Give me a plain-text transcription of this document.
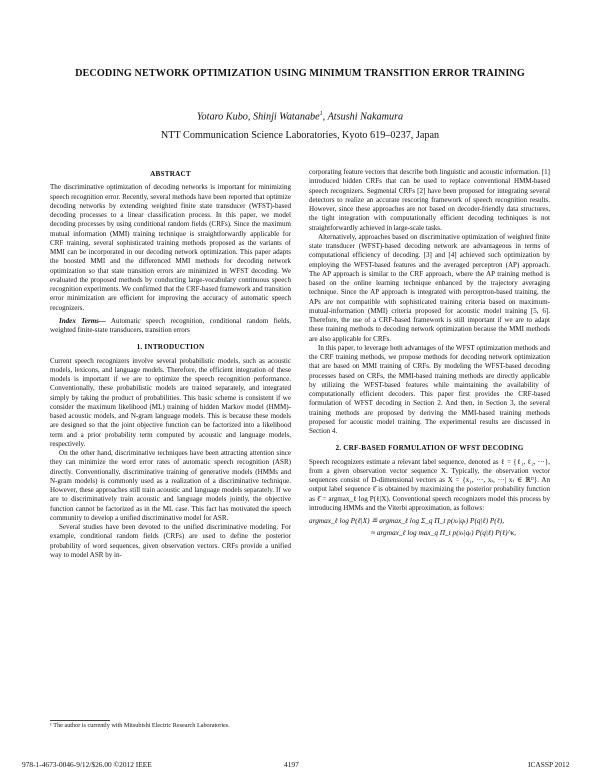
DECODING NETWORK OPTIMIZATION USING MINIMUM TRANSITION ERROR TRAINING
Yotaro Kubo, Shinji Watanabe$^1$, Atsushi Nakamura
NTT Communication Science Laboratories, Kyoto 619–0237, Japan
ABSTRACT

The discriminative optimization of decoding networks is important for minimizing speech recognition error. Recently, several methods have been reported that optimize decoding networks by extending weighted finite state transducer (WFST)-based decoding processes to a linear classification process. In this paper, we model decoding processes by using conditional random fields (CRFs). Since the maximum mutual information (MMI) training technique is straightforwardly applicable for CRF training, several sophisticated training methods proposed as the variants of MMI can be incorporated in our decoding network optimization. This paper adapts the boosted MMI and the differenced MMI methods for decoding network optimization so that state transition errors are minimized in WFST decoding. We evaluated the proposed methods by conducting large-vocabulary continuous speech recognition experiments. We confirmed that the CRF-based framework and transition error minimization are efficient for improving the accuracy of automatic speech recognizers.

Index Terms— Automatic speech recognition, conditional random fields, weighted finite-state transducers, transition errors

1. INTRODUCTION

Current speech recognizers involve several probabilistic models, such as acoustic models, lexicons, and language models. Therefore, the efficient integration of these models is important if we are to optimize the speech recognition performance. Conventionally, these probabilistic models are trained separately, and integrated simply by taking the product of probabilities. This basic scheme is consistent if we consider the maximum likelihood (ML) training of hidden Markov model (HMM)-based acoustic models, and N-gram language models. This is because these models are designed so that the joint objective function can be factorized into a likelihood term and a prior probability term computed by acoustic and language models, respectively.

On the other hand, discriminative techniques have been attracting attention since they can minimize the word error rates of automatic speech recognition (ASR) directly. Conventionally, discriminative training of generative models (HMMs and N-gram models) is commonly used as a realization of a discriminative technique. However, these approaches still train acoustic and language models separately. If we are to discriminatively train acoustic and language models jointly, the objective function cannot be factorized as in the ML case. This fact has motivated the speech community to develop a unified discriminative model for ASR.

Several studies have been devoted to the unified discriminative modeling. For example, conditional random fields (CRFs) are used to define the posterior probability of word sequences, given observation vectors. CRFs provide a unified way to model ASR by in-

corporating feature vectors that describe both linguistic and acoustic information. [1] introduced hidden CRFs that can be used to replace conventional HMM-based speech recognizers. Segmental CRFs [2] have been proposed for integrating several detectors to realize an accurate rescoring framework of speech recognition results. However, since these approaches are not based on decoder-friendly data structures, the tight integration with computationally efficient decoding techniques is not straightforwardly achieved in large-scale tasks.

Alternatively, approaches based on discriminative optimization of weighted finite state transducer (WFST)-based decoding network are advantageous in terms of computational efficiency of decoding. [3] and [4] achieved such optimization by employing the WFST-based features and the averaged perceptron (AP) approach. The AP approach is similar to the CRF approach, where the AP training method is based on the online learning technique enhanced by the trajectory averaging technique. Since the AP approach is integrated with perceptron-based training, the APs are not compatible with sophisticated training criteria based on maximum-mutual-information (MMI) criteria proposed for acoustic model training [5, 6]. Therefore, the use of a CRF-based framework is still important if we are to adapt these training methods to decoding network optimization because the MMI methods are also applicable for CRFs.

In this paper, to leverage both advantages of the WFST optimization methods and the CRF training methods, we propose methods for decoding network optimization that are based on MMI training of CRFs. By modeling the WFST-based decoding processes based on CRFs, the MMI-based training methods are directly applicable by utilizing the WFST-based features while maintaining the availability of computationally efficient decoders. This paper first provides the CRF-based formulation of WFST decoding in Section 2. And then, in Section 3, the several training methods are proposed by deriving the MMI-based training methods proposed for acoustic model training. The experimental results are discussed in Section 4.

2. CRF-BASED FORMULATION OF WFST DECODING

Speech recognizers estimate a relevant label sequence, denoted as ℓ = {ℓ₁, ℓ₂, ···}, from a given observation vector sequence X. Typically, the observation vector sequences consist of D-dimensional vectors as X = {x₁, ···, xₜ, ···| xₜ ∈ ℝᴰ}. An output label sequence ℓ̂ is obtained by maximizing the posterior probability function as ℓ̂ = argmax_ℓ log P(ℓ|X). Conventional speech recognizers model this process by introducing HMMs and the Viterbi approximation, as follows:

argmax_ℓ log P(ℓ|X) ≝ argmax_ℓ log Σ_q Π_t p(xₜ|qₜ) P(q|ℓ) P(ℓ),
≈ argmax_ℓ log max_q Π_t p(xₜ|qₜ) P(q|ℓ) P(ℓ)^κ,
¹ The author is currently with Mitsubishi Electric Research Laboratories.
978-1-4673-0046-9/12/$26.00 ©2012 IEEE	4197	ICASSP 2012
